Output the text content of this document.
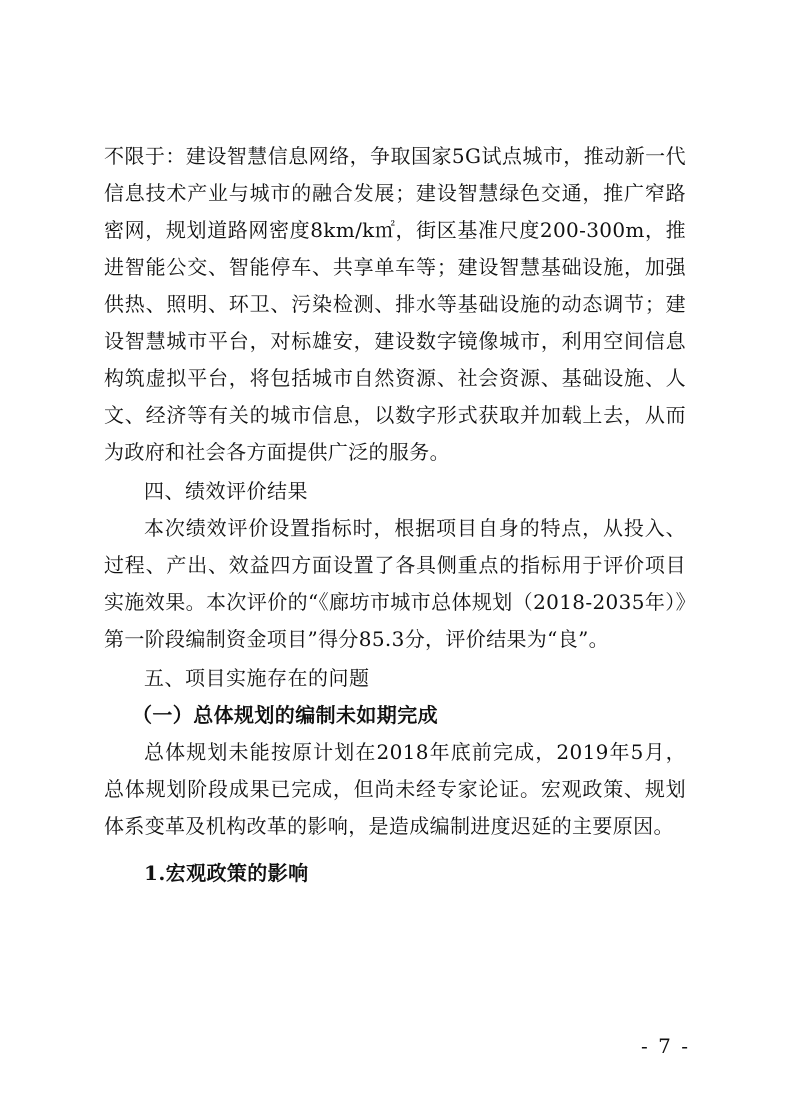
不限于：建设智慧信息网络，争取国家5G试点城市，推动新一代信息技术产业与城市的融合发展；建设智慧绿色交通，推广窄路密网，规划道路网密度8km/k㎡，街区基准尺度200-300m，推进智能公交、智能停车、共享单车等；建设智慧基础设施，加强供热、照明、环卫、污染检测、排水等基础设施的动态调节；建设智慧城市平台，对标雄安，建设数字镜像城市，利用空间信息构筑虚拟平台，将包括城市自然资源、社会资源、基础设施、人文、经济等有关的城市信息，以数字形式获取并加载上去，从而为政府和社会各方面提供广泛的服务。

四、绩效评价结果

本次绩效评价设置指标时，根据项目自身的特点，从投入、过程、产出、效益四方面设置了各具侧重点的指标用于评价项目实施效果。本次评价的“《廊坊市城市总体规划（2018-2035年）》第一阶段编制资金项目”得分85.3分，评价结果为“良”。

五、项目实施存在的问题
（一）总体规划的编制未如期完成

总体规划未能按原计划在2018年底前完成，2019年5月，总体规划阶段成果已完成，但尚未经专家论证。宏观政策、规划体系变革及机构改革的影响，是造成编制进度迟延的主要原因。

1.宏观政策的影响
- 7 -
